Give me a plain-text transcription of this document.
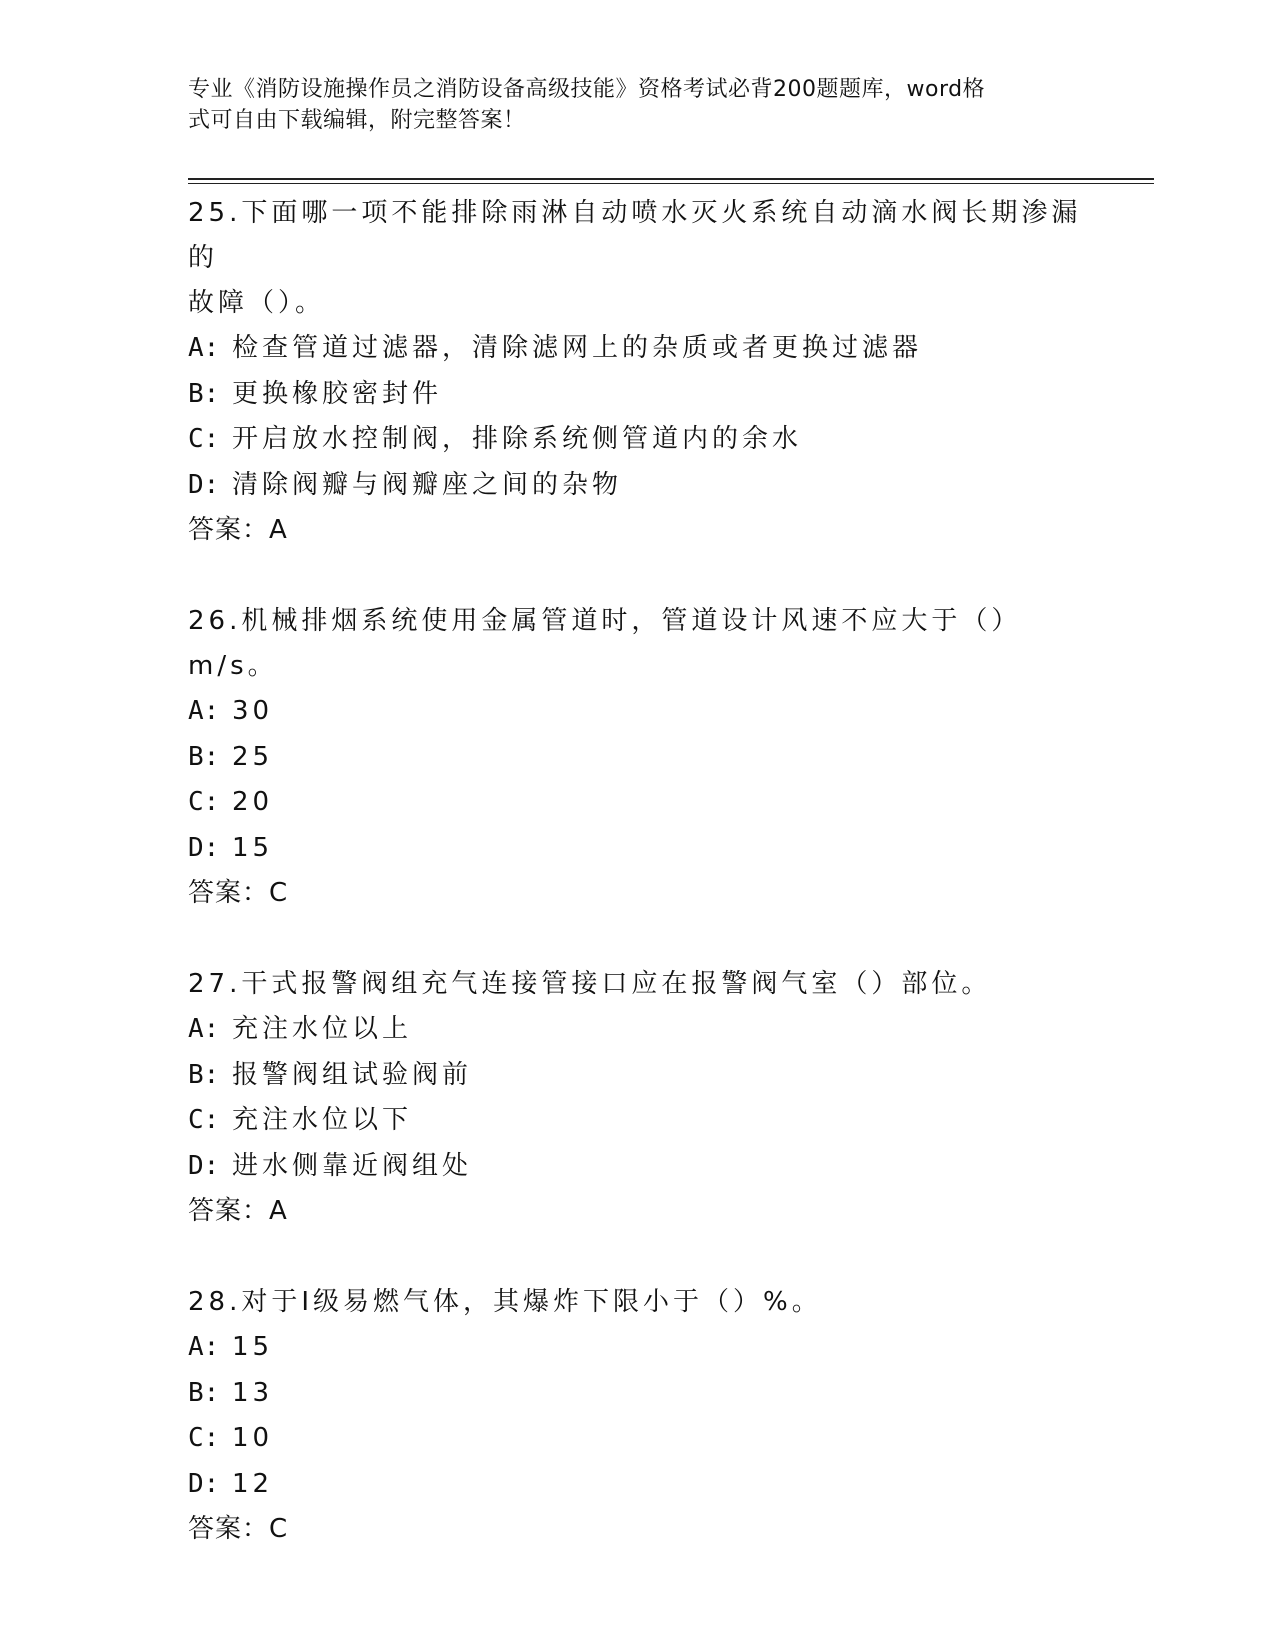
专业《消防设施操作员之消防设备高级技能》资格考试必背200题题库，word格
式可自由下载编辑，附完整答案！

25.下面哪一项不能排除雨淋自动喷水灭火系统自动滴水阀长期渗漏的
故障（）。

A: 检查管道过滤器，清除滤网上的杂质或者更换过滤器

B: 更换橡胶密封件

C: 开启放水控制阀，排除系统侧管道内的余水

D: 清除阀瓣与阀瓣座之间的杂物

答案：A

26.机械排烟系统使用金属管道时，管道设计风速不应大于（）m/s。

A: 30

B: 25

C: 20

D: 15

答案：C

27.干式报警阀组充气连接管接口应在报警阀气室（）部位。

A: 充注水位以上

B: 报警阀组试验阀前

C: 充注水位以下

D: 进水侧靠近阀组处

答案：A

28.对于Ⅰ级易燃气体，其爆炸下限小于（）%。

A: 15

B: 13

C: 10

D: 12

答案：C
